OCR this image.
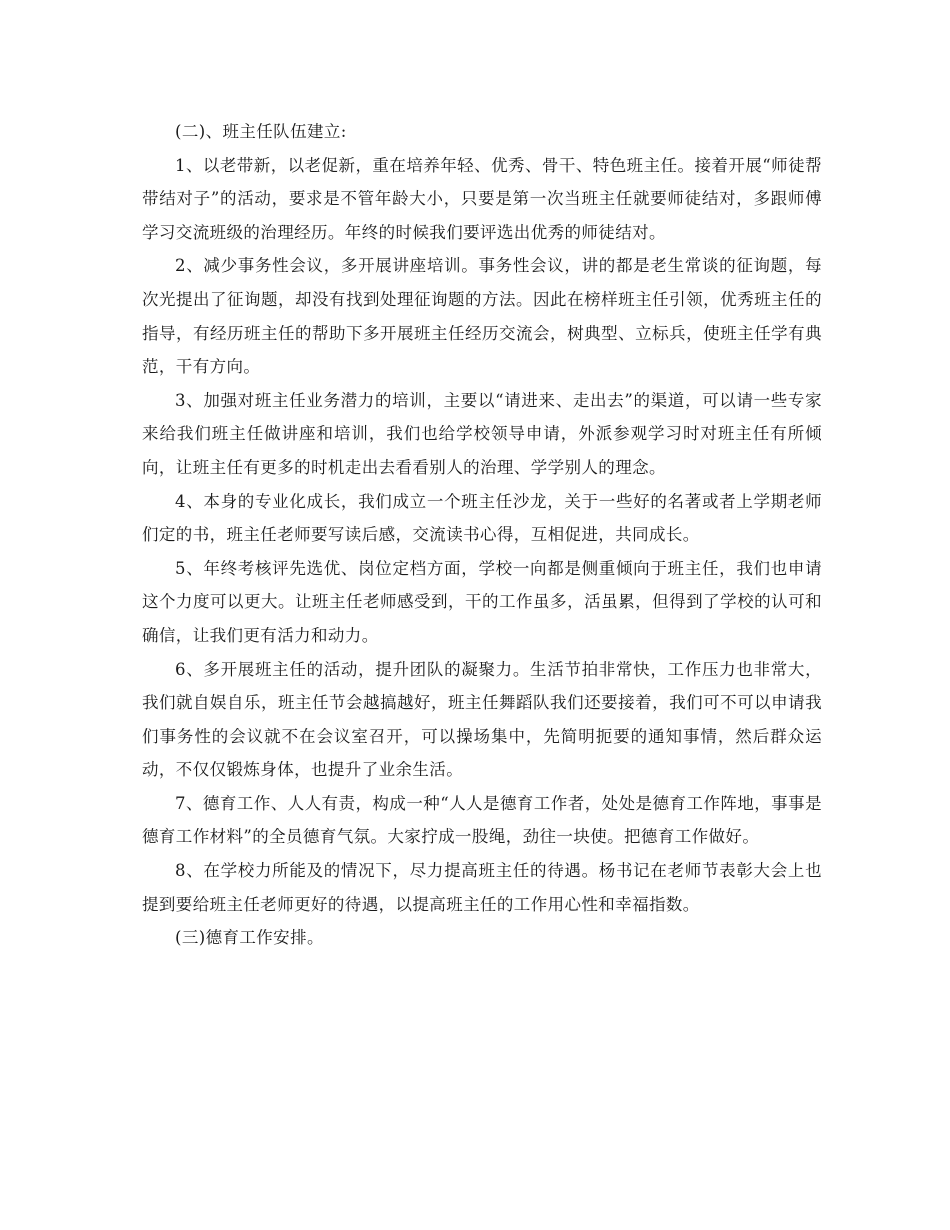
(二)、班主任队伍建立:

1、以老带新，以老促新，重在培养年轻、优秀、骨干、特色班主任。接着开展“师徒帮带结对子”的活动，要求是不管年龄大小，只要是第一次当班主任就要师徒结对，多跟师傅学习交流班级的治理经历。年终的时候我们要评选出优秀的师徒结对。

2、减少事务性会议，多开展讲座培训。事务性会议，讲的都是老生常谈的征询题，每次光提出了征询题，却没有找到处理征询题的方法。因此在榜样班主任引领，优秀班主任的指导，有经历班主任的帮助下多开展班主任经历交流会，树典型、立标兵，使班主任学有典范，干有方向。

3、加强对班主任业务潜力的培训，主要以“请进来、走出去”的渠道，可以请一些专家来给我们班主任做讲座和培训，我们也给学校领导申请，外派参观学习时对班主任有所倾向，让班主任有更多的时机走出去看看别人的治理、学学别人的理念。

4、本身的专业化成长，我们成立一个班主任沙龙，关于一些好的名著或者上学期老师们定的书，班主任老师要写读后感，交流读书心得，互相促进，共同成长。

5、年终考核评先选优、岗位定档方面，学校一向都是侧重倾向于班主任，我们也申请这个力度可以更大。让班主任老师感受到，干的工作虽多，活虽累，但得到了学校的认可和确信，让我们更有活力和动力。

6、多开展班主任的活动，提升团队的凝聚力。生活节拍非常快，工作压力也非常大，我们就自娱自乐，班主任节会越搞越好，班主任舞蹈队我们还要接着，我们可不可以申请我们事务性的会议就不在会议室召开，可以操场集中，先简明扼要的通知事情，然后群众运动，不仅仅锻炼身体，也提升了业余生活。

7、德育工作、人人有责，构成一种“人人是德育工作者，处处是德育工作阵地，事事是德育工作材料”的全员德育气氛。大家拧成一股绳，劲往一块使。把德育工作做好。

8、在学校力所能及的情况下，尽力提高班主任的待遇。杨书记在老师节表彰大会上也提到要给班主任老师更好的待遇，以提高班主任的工作用心性和幸福指数。

(三)德育工作安排。
